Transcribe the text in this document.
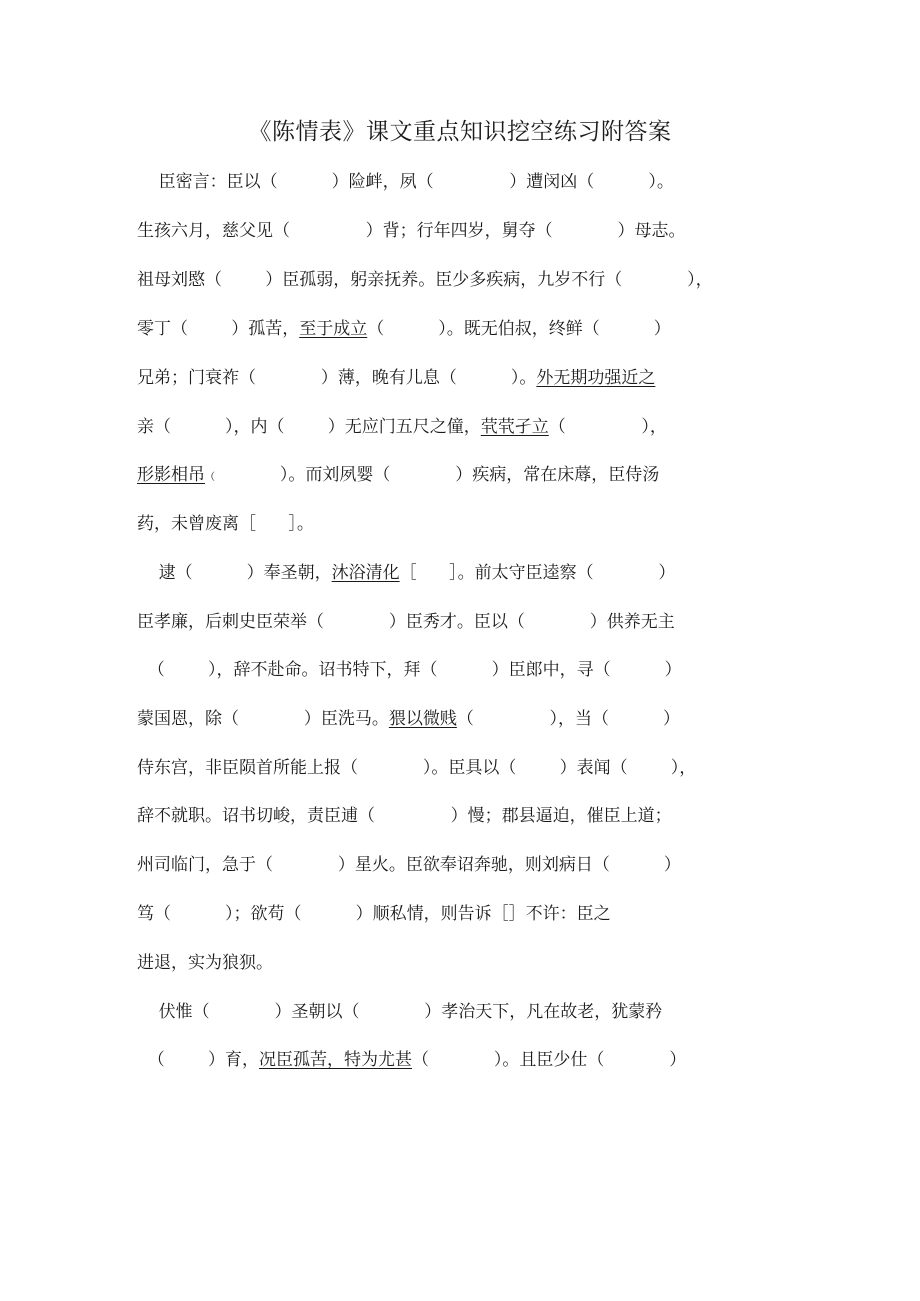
《陈情表》课文重点知识挖空练习附答案
臣密言：臣以（          ）险衅，夙（              ）遭闵凶（          ）。
生孩六月，慈父见（              ）背；行年四岁，舅夺（            ）母志。
祖母刘愍（        ）臣孤弱，躬亲抚养。臣少多疾病，九岁不行（            ），
零丁（        ）孤苦，至于成立（          ）。既无伯叔，终鲜（          ）
兄弟；门衰祚（            ）薄，晚有儿息（          ）。外无期功强近之
亲（          ），内（        ）无应门五尺之僮，茕茕孑立（              ），
形影相吊（            ）。而刘夙婴（            ）疾病，常在床蓐，臣侍汤
药，未曾废离［      ］。
逮（          ）奉圣朝，沐浴清化［      ］。前太守臣逵察（            ）
臣孝廉，后刺史臣荣举（            ）臣秀才。臣以（            ）供养无主
（        ），辞不赴命。诏书特下，拜（          ）臣郎中，寻（          ）
蒙国恩，除（            ）臣洗马。猥以微贱（              ），当（          ）
侍东宫，非臣陨首所能上报（            ）。臣具以（        ）表闻（        ），
辞不就职。诏书切峻，责臣逋（              ）慢；郡县逼迫，催臣上道；
州司临门，急于（            ）星火。臣欲奉诏奔驰，则刘病日（          ）
笃（          ）；欲苟（          ）顺私情，则告诉［］不许：臣之
进退，实为狼狈。
伏惟（            ）圣朝以（            ）孝治天下，凡在故老，犹蒙矜
（        ）育，况臣孤苦，特为尤甚（            ）。且臣少仕（            ）
